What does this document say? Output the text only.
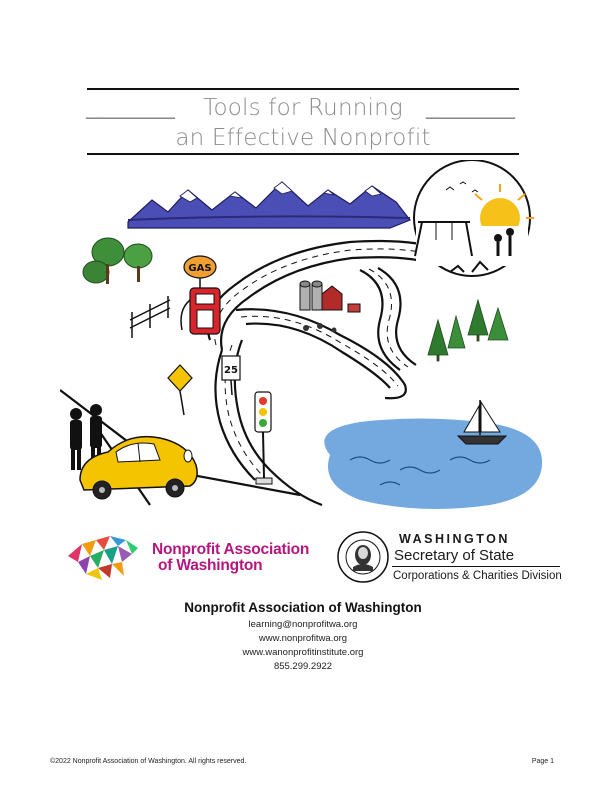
________	Tools for Running	________
an Effective Nonprofit
GAS
25
Nonprofit Association
of Washington
WASHINGTON
Secretary of State
Corporations & Charities Division
Nonprofit Association of Washington
learning@nonprofitwa.org
www.nonprofitwa.org
www.wanonprofitinstitute.org
855.299.2922
©2022 Nonprofit Association of Washington. All rights reserved.	Page 1
